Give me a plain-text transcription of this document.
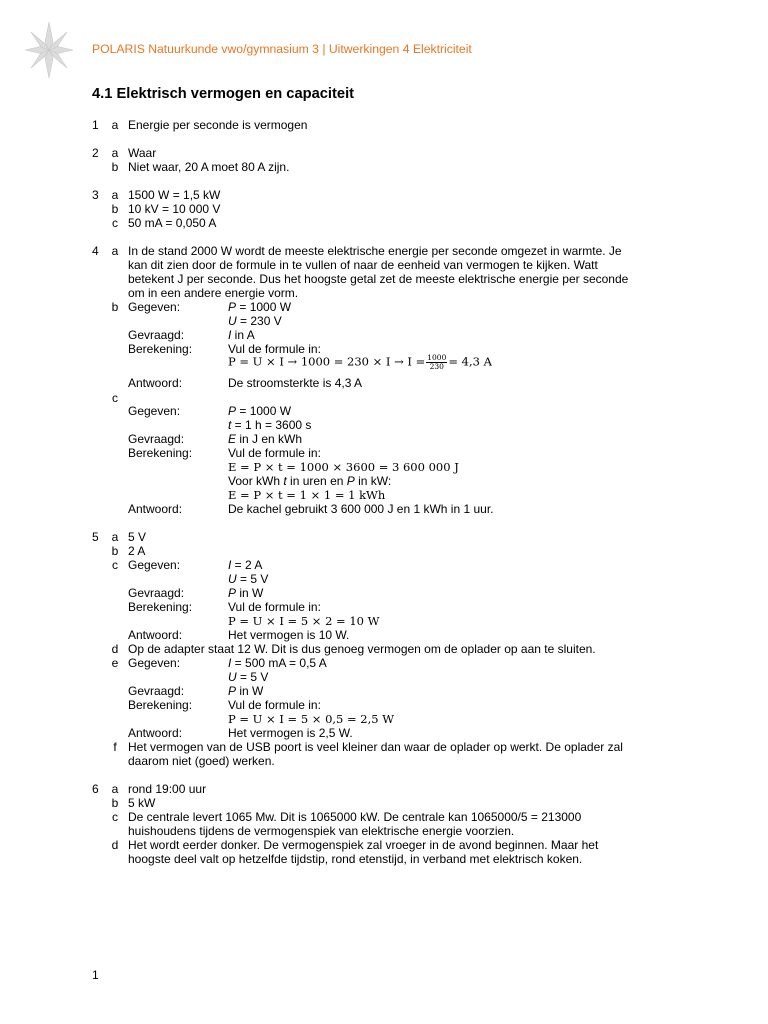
POLARIS Natuurkunde vwo/gymnasium 3 | Uitwerkingen 4 Elektriciteit
4.1 Elektrisch vermogen en capaciteit
1	a Energie per seconde is vermogen
2	a Waar
b Niet waar, 20 A moet 80 A zijn.
3	a 1500 W = 1,5 kW
b 10 kV = 10 000 V
c 50 mA = 0,050 A
4	a In de stand 2000 W wordt de meeste elektrische energie per seconde omgezet in warmte. Je
kan dit zien door de formule in te vullen of naar de eenheid van vermogen te kijken. Watt
betekent J per seconde. Dus het hoogste getal zet de meeste elektrische energie per seconde
om in een andere energie vorm.
b Gegeven:	P = 1000 W
U = 230 V
Gevraagd:	I in A
Berekening:	Vul de formule in:
$P = U \times I \to 1000 = 230 \times I \to I = \frac{1000}{230} = 4,3$ A
Antwoord:	De stroomsterkte is 4,3 A
c
Gegeven:	P = 1000 W
t = 1 h = 3600 s
Gevraagd:	E in J en kWh
Berekening:	Vul de formule in:
E = P × t = 1000 × 3600 = 3 600 000 J
Voor kWh t in uren en P in kW:
E = P × t = 1 × 1 = 1 kWh
Antwoord:	De kachel gebruikt 3 600 000 J en 1 kWh in 1 uur.
5	a 5 V
b 2 A
c Gegeven:	I = 2 A
U = 5 V
Gevraagd:	P in W
Berekening:	Vul de formule in:
P = U × I = 5 × 2 = 10 W
Antwoord:	Het vermogen is 10 W.
d Op de adapter staat 12 W. Dit is dus genoeg vermogen om de oplader op aan te sluiten.
e Gegeven:	I = 500 mA = 0,5 A
U = 5 V
Gevraagd:	P in W
Berekening:	Vul de formule in:
P = U × I = 5 × 0,5 = 2,5 W
Antwoord:	Het vermogen is 2,5 W.
f Het vermogen van de USB poort is veel kleiner dan waar de oplader op werkt. De oplader zal
daarom niet (goed) werken.
6	a rond 19:00 uur
b 5 kW
c De centrale levert 1065 Mw. Dit is 1065000 kW. De centrale kan 1065000/5 = 213000
huishoudens tijdens de vermogenspiek van elektrische energie voorzien.
d Het wordt eerder donker. De vermogenspiek zal vroeger in de avond beginnen. Maar het
hoogste deel valt op hetzelfde tijdstip, rond etenstijd, in verband met elektrisch koken.
1
